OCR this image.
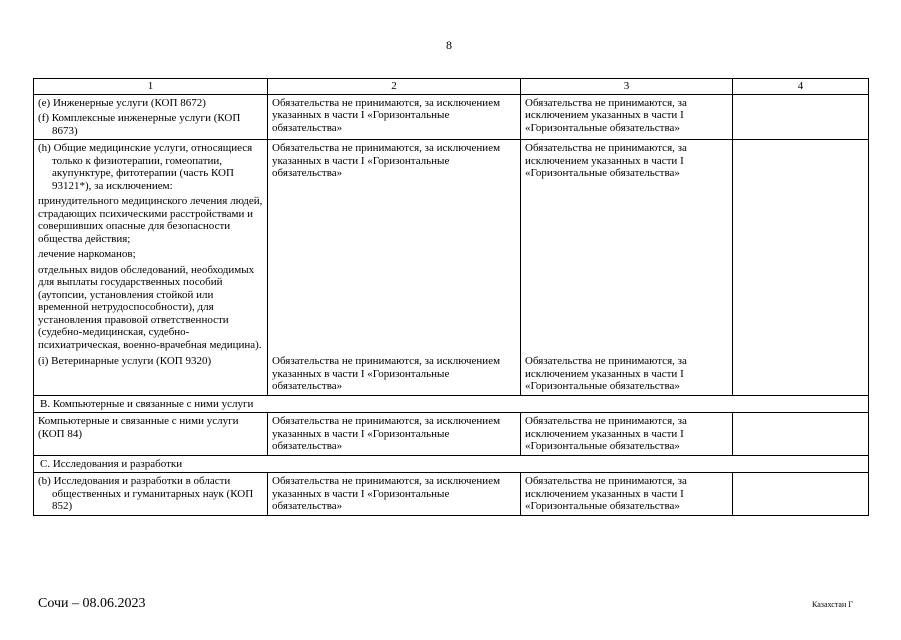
8
1	2	3	4

(e) Инженерные услуги (КОП 8672)
(f) Комплексные инженерные услуги (КОП 8673)	Обязательства не принимаются, за исключением указанных в части I «Горизонтальные обязательства»	Обязательства не принимаются, за исключением указанных в части I «Горизонтальные обязательства»	

(h) Общие медицинские услуги, относящиеся только к физиотерапии, гомеопатии, акупунктуре, фитотерапии (часть КОП 93121*), за исключением:
принудительного медицинского лечения людей, страдающих психическими расстройствами и совершивших опасные для безопасности общества действия;
лечение наркоманов;
отдельных видов обследований, необходимых для выплаты государственных пособий (аутопсии, установления стойкой или временной нетрудоспособности), для установления правовой ответственности (судебно-медицинская, судебно-психиатрическая, военно-врачебная медицина).	Обязательства не принимаются, за исключением указанных в части I «Горизонтальные обязательства»	Обязательства не принимаются, за исключением указанных в части I «Горизонтальные обязательства»	
(i) Ветеринарные услуги (КОП 9320)	Обязательства не принимаются, за исключением указанных в части I «Горизонтальные обязательства»	Обязательства не принимаются, за исключением указанных в части I «Горизонтальные обязательства»	
B. Компьютерные и связанные с ними услуги			
Компьютерные и связанные с ними услуги (КОП 84)	Обязательства не принимаются, за исключением указанных в части I «Горизонтальные обязательства»	Обязательства не принимаются, за исключением указанных в части I «Горизонтальные обязательства»	
C. Исследования и разработки			

(b) Исследования и разработки в области общественных и гуманитарных наук (КОП 852)	Обязательства не принимаются, за исключением указанных в части I «Горизонтальные обязательства»	Обязательства не принимаются, за исключением указанных в части I «Горизонтальные обязательства»	
Сочи – 08.06.2023	Казахстан Г
